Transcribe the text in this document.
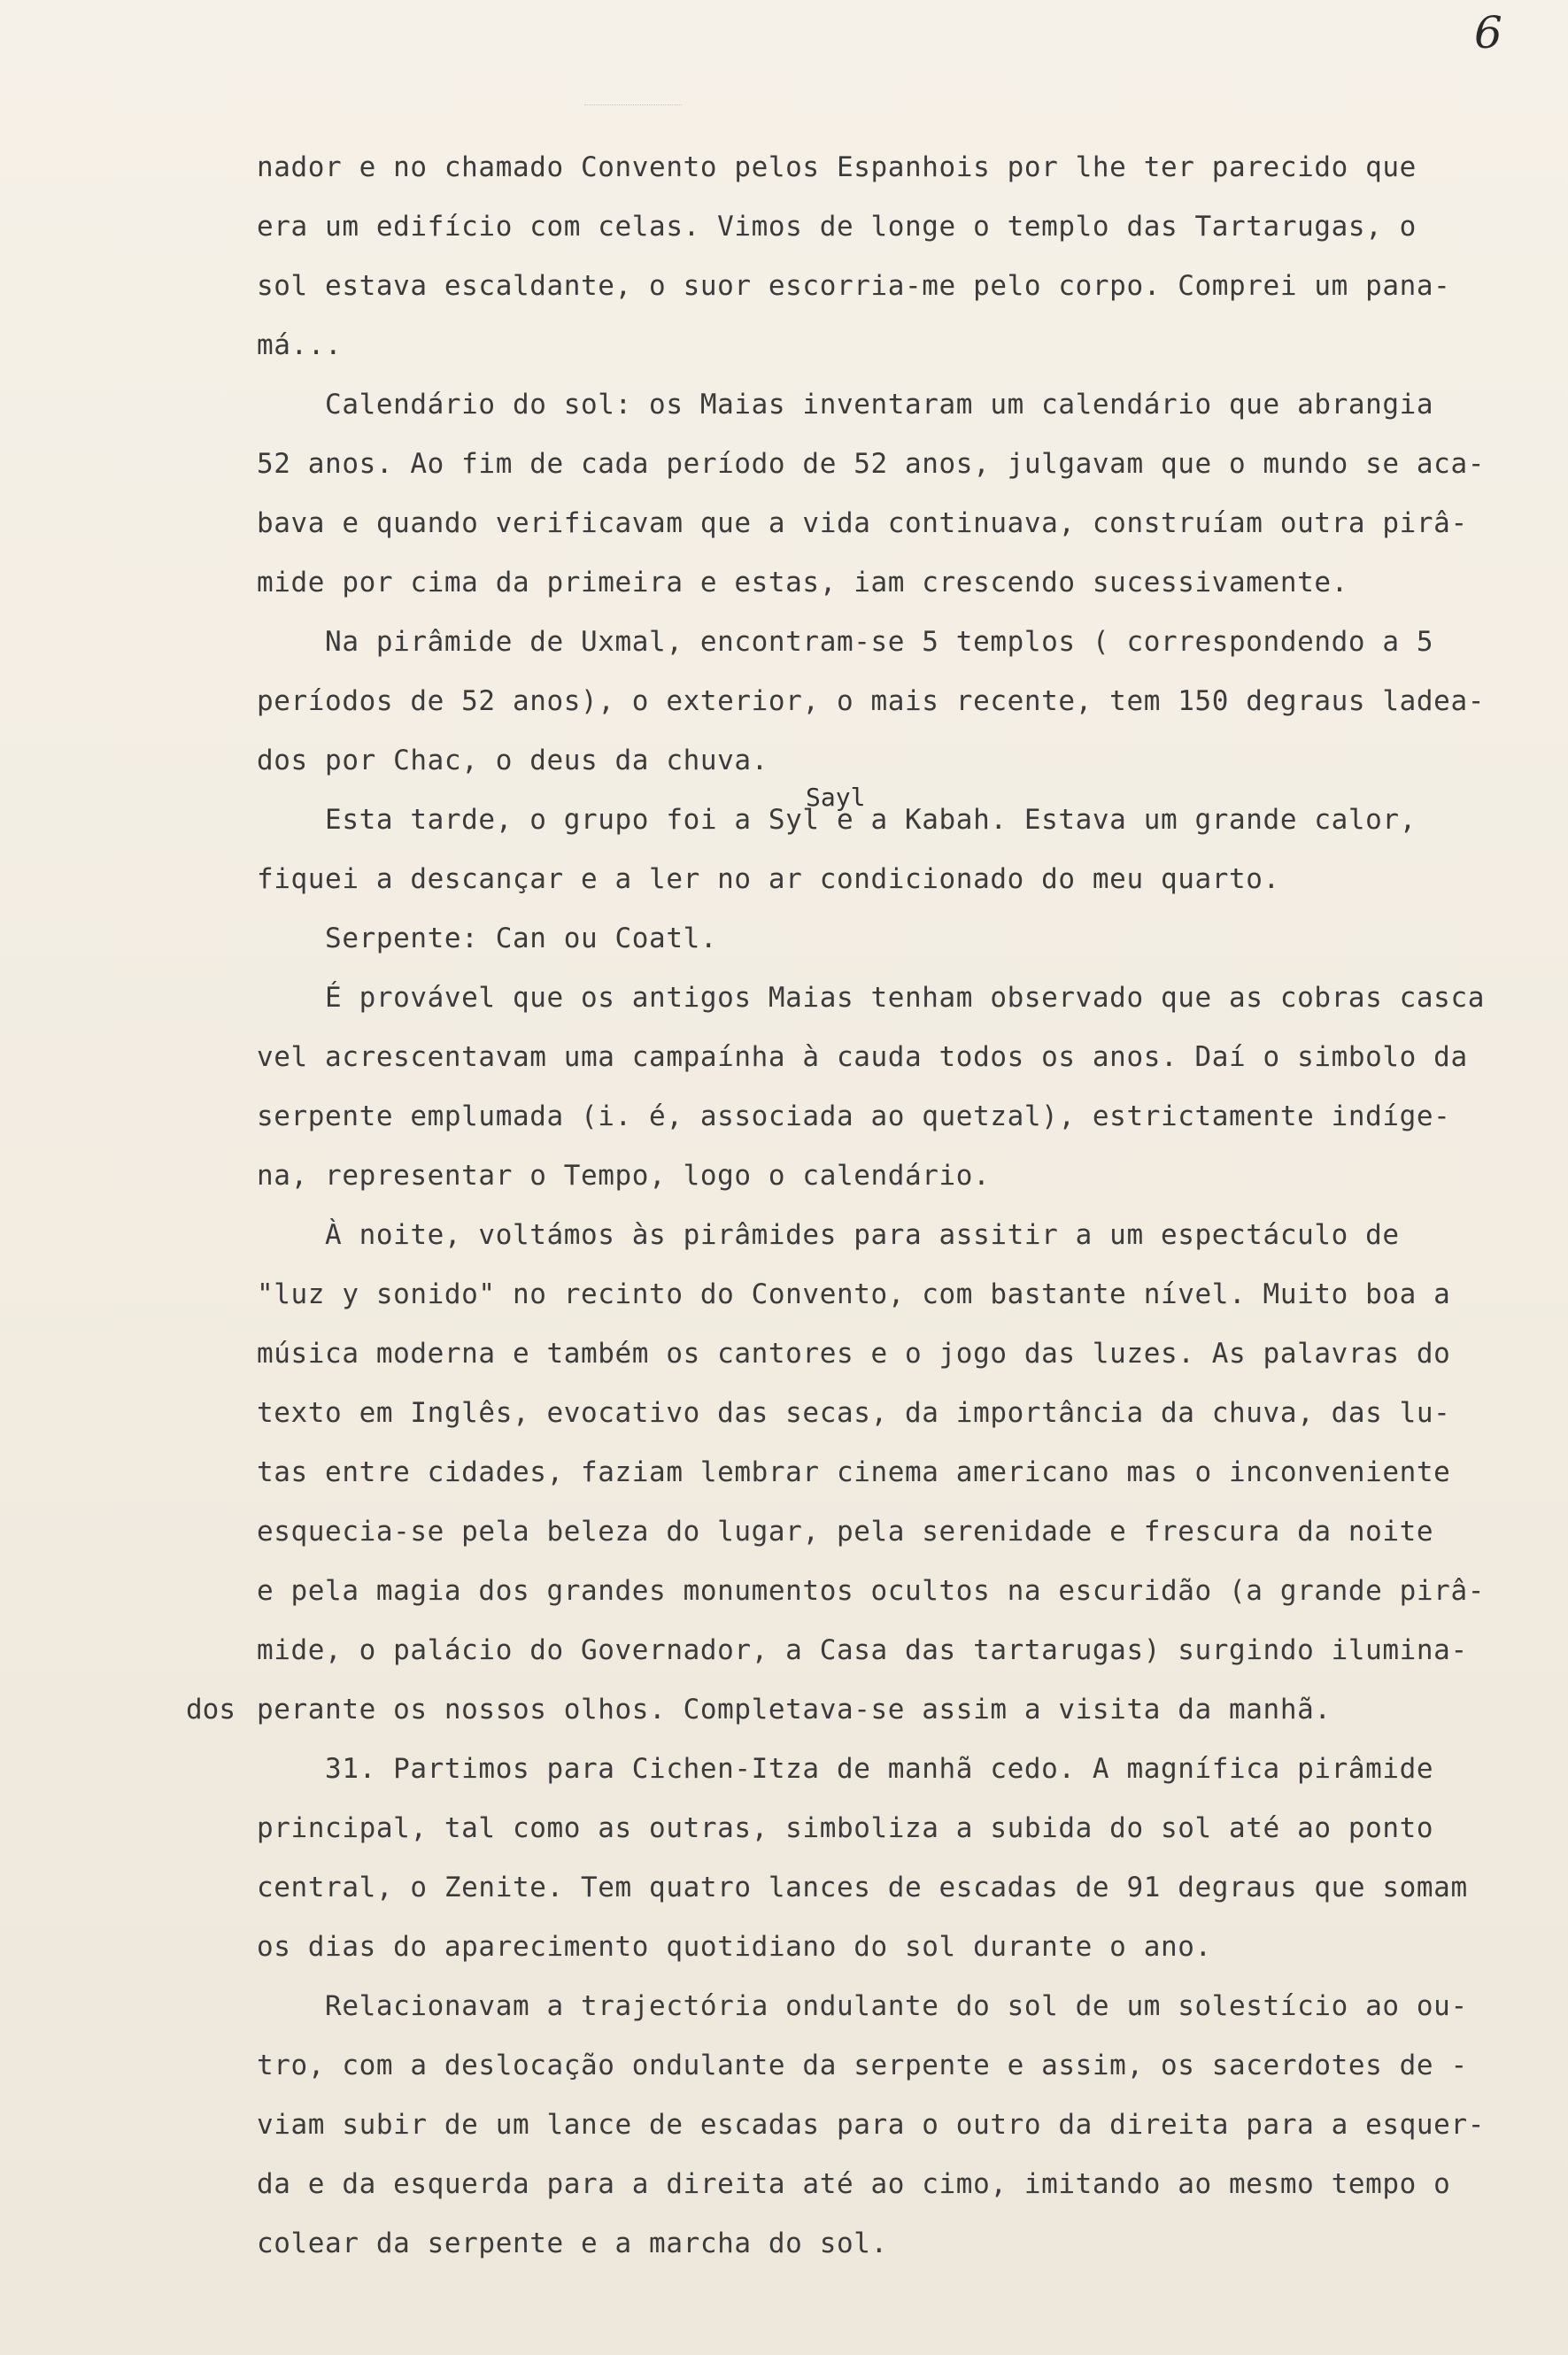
6
nador e no chamado Convento pelos Espanhois por lhe ter parecido que
era um edifício com celas. Vimos de longe o templo das Tartarugas, o
sol estava escaldante, o suor escorria-me pelo corpo. Comprei um pana-
má...
Calendário do sol: os Maias inventaram um calendário que abrangia
52 anos. Ao fim de cada período de 52 anos, julgavam que o mundo se aca-
bava e quando verificavam que a vida continuava, construíam outra pirâ-
mide por cima da primeira e estas, iam crescendo sucessivamente.
Na pirâmide de Uxmal, encontram-se 5 templos ( correspondendo a 5
períodos de 52 anos), o exterior, o mais recente, tem 150 degraus ladea-
dos por Chac, o deus da chuva.
Sayl
Esta tarde, o grupo foi a Syl e a Kabah. Estava um grande calor,
fiquei a descançar e a ler no ar condicionado do meu quarto.
Serpente: Can ou Coatl.
É provável que os antigos Maias tenham observado que as cobras casca
vel acrescentavam uma campaínha à cauda todos os anos. Daí o simbolo da
serpente emplumada (i. é, associada ao quetzal), estrictamente indíge-
na, representar o Tempo, logo o calendário.
À noite, voltámos às pirâmides para assitir a um espectáculo de
"luz y sonido" no recinto do Convento, com bastante nível. Muito boa a
música moderna e também os cantores e o jogo das luzes. As palavras do
texto em Inglês, evocativo das secas, da importância da chuva, das lu-
tas entre cidades, faziam lembrar cinema americano mas o inconveniente
esquecia-se pela beleza do lugar, pela serenidade e frescura da noite
e pela magia dos grandes monumentos ocultos na escuridão (a grande pirâ-
mide, o palácio do Governador, a Casa das tartarugas) surgindo ilumina-
dos perante os nossos olhos. Completava-se assim a visita da manhã.
31. Partimos para Cichen-Itza de manhã cedo. A magnífica pirâmide
principal, tal como as outras, simboliza a subida do sol até ao ponto
central, o Zenite. Tem quatro lances de escadas de 91 degraus que somam
os dias do aparecimento quotidiano do sol durante o ano.
Relacionavam a trajectória ondulante do sol de um solestício ao ou-
tro, com a deslocação ondulante da serpente e assim, os sacerdotes de -
viam subir de um lance de escadas para o outro da direita para a esquer-
da e da esquerda para a direita até ao cimo, imitando ao mesmo tempo o
colear da serpente e a marcha do sol.
